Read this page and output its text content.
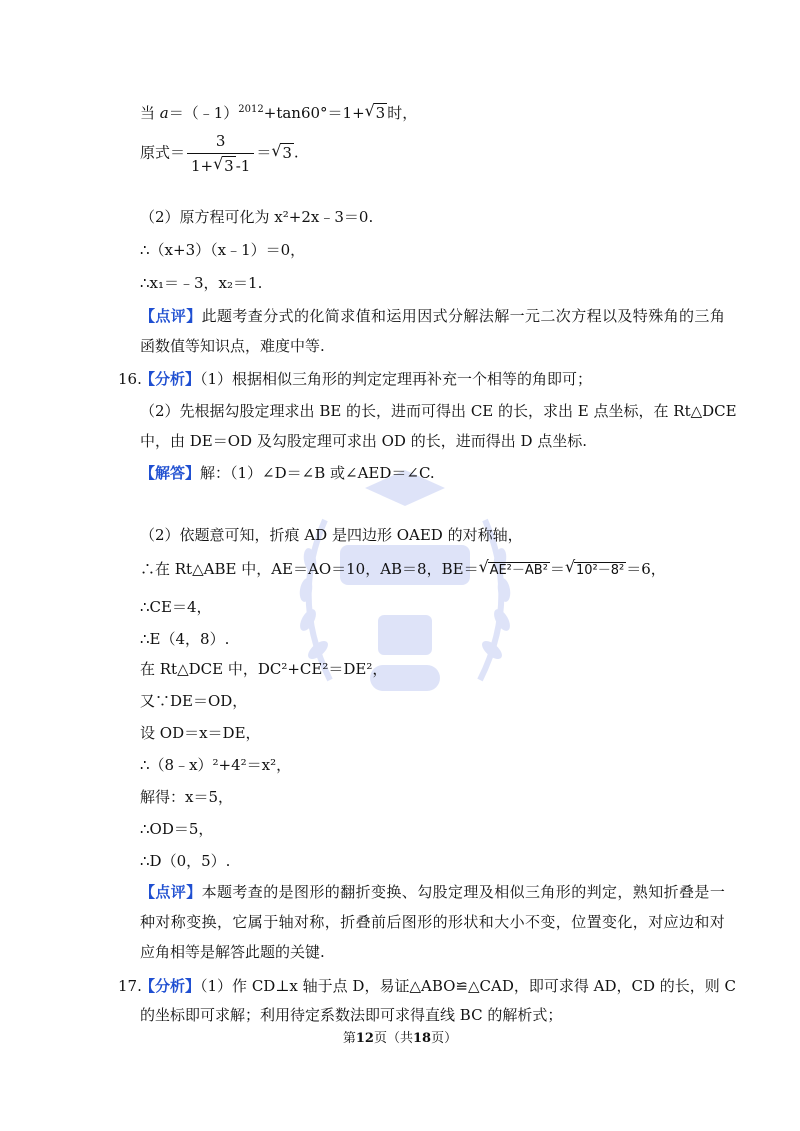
当 a＝（﹣1）$^{2012}$+tan60°＝1+ √ 3 时，
原式＝ $\frac{3}{1+ √ 3 -1}$ ＝ √ 3 .
（2）原方程可化为 x²+2x﹣3＝0.
∴（x+3）（x﹣1）＝0，
∴x₁＝﹣3，x₂＝1.
【点评】此题考查分式的化简求值和运用因式分解法解一元二次方程以及特殊角的三角
函数值等知识点，难度中等.
16.
【分析】（1）根据相似三角形的判定定理再补充一个相等的角即可；
（2）先根据勾股定理求出 BE 的长，进而可得出 CE 的长，求出 E 点坐标，在 Rt△DCE
中，由 DE＝OD 及勾股定理可求出 OD 的长，进而得出 D 点坐标.
【解答】解：（1）∠D＝∠B 或∠AED＝∠C.
（2）依题意可知，折痕 AD 是四边形 OAED 的对称轴，
∴在 Rt△ABE 中，AE＝AO＝10，AB＝8，BE＝ √ AE²－AB² ＝ √ 10²－8² ＝6，
∴CE＝4，
∴E（4，8）.
在 Rt△DCE 中，DC²+CE²＝DE²，
又∵DE＝OD，
设 OD＝x＝DE，
∴（8﹣x）²+4²＝x²，
解得：x＝5，
∴OD＝5，
∴D（0，5）.
【点评】本题考查的是图形的翻折变换、勾股定理及相似三角形的判定，熟知折叠是一
种对称变换，它属于轴对称，折叠前后图形的形状和大小不变，位置变化，对应边和对
应角相等是解答此题的关键.
17.
【分析】（1）作 CD⊥x 轴于点 D，易证△ABO≌△CAD，即可求得 AD，CD 的长，则 C
的坐标即可求解；利用待定系数法即可求得直线 BC 的解析式；
第12页（共18页）
